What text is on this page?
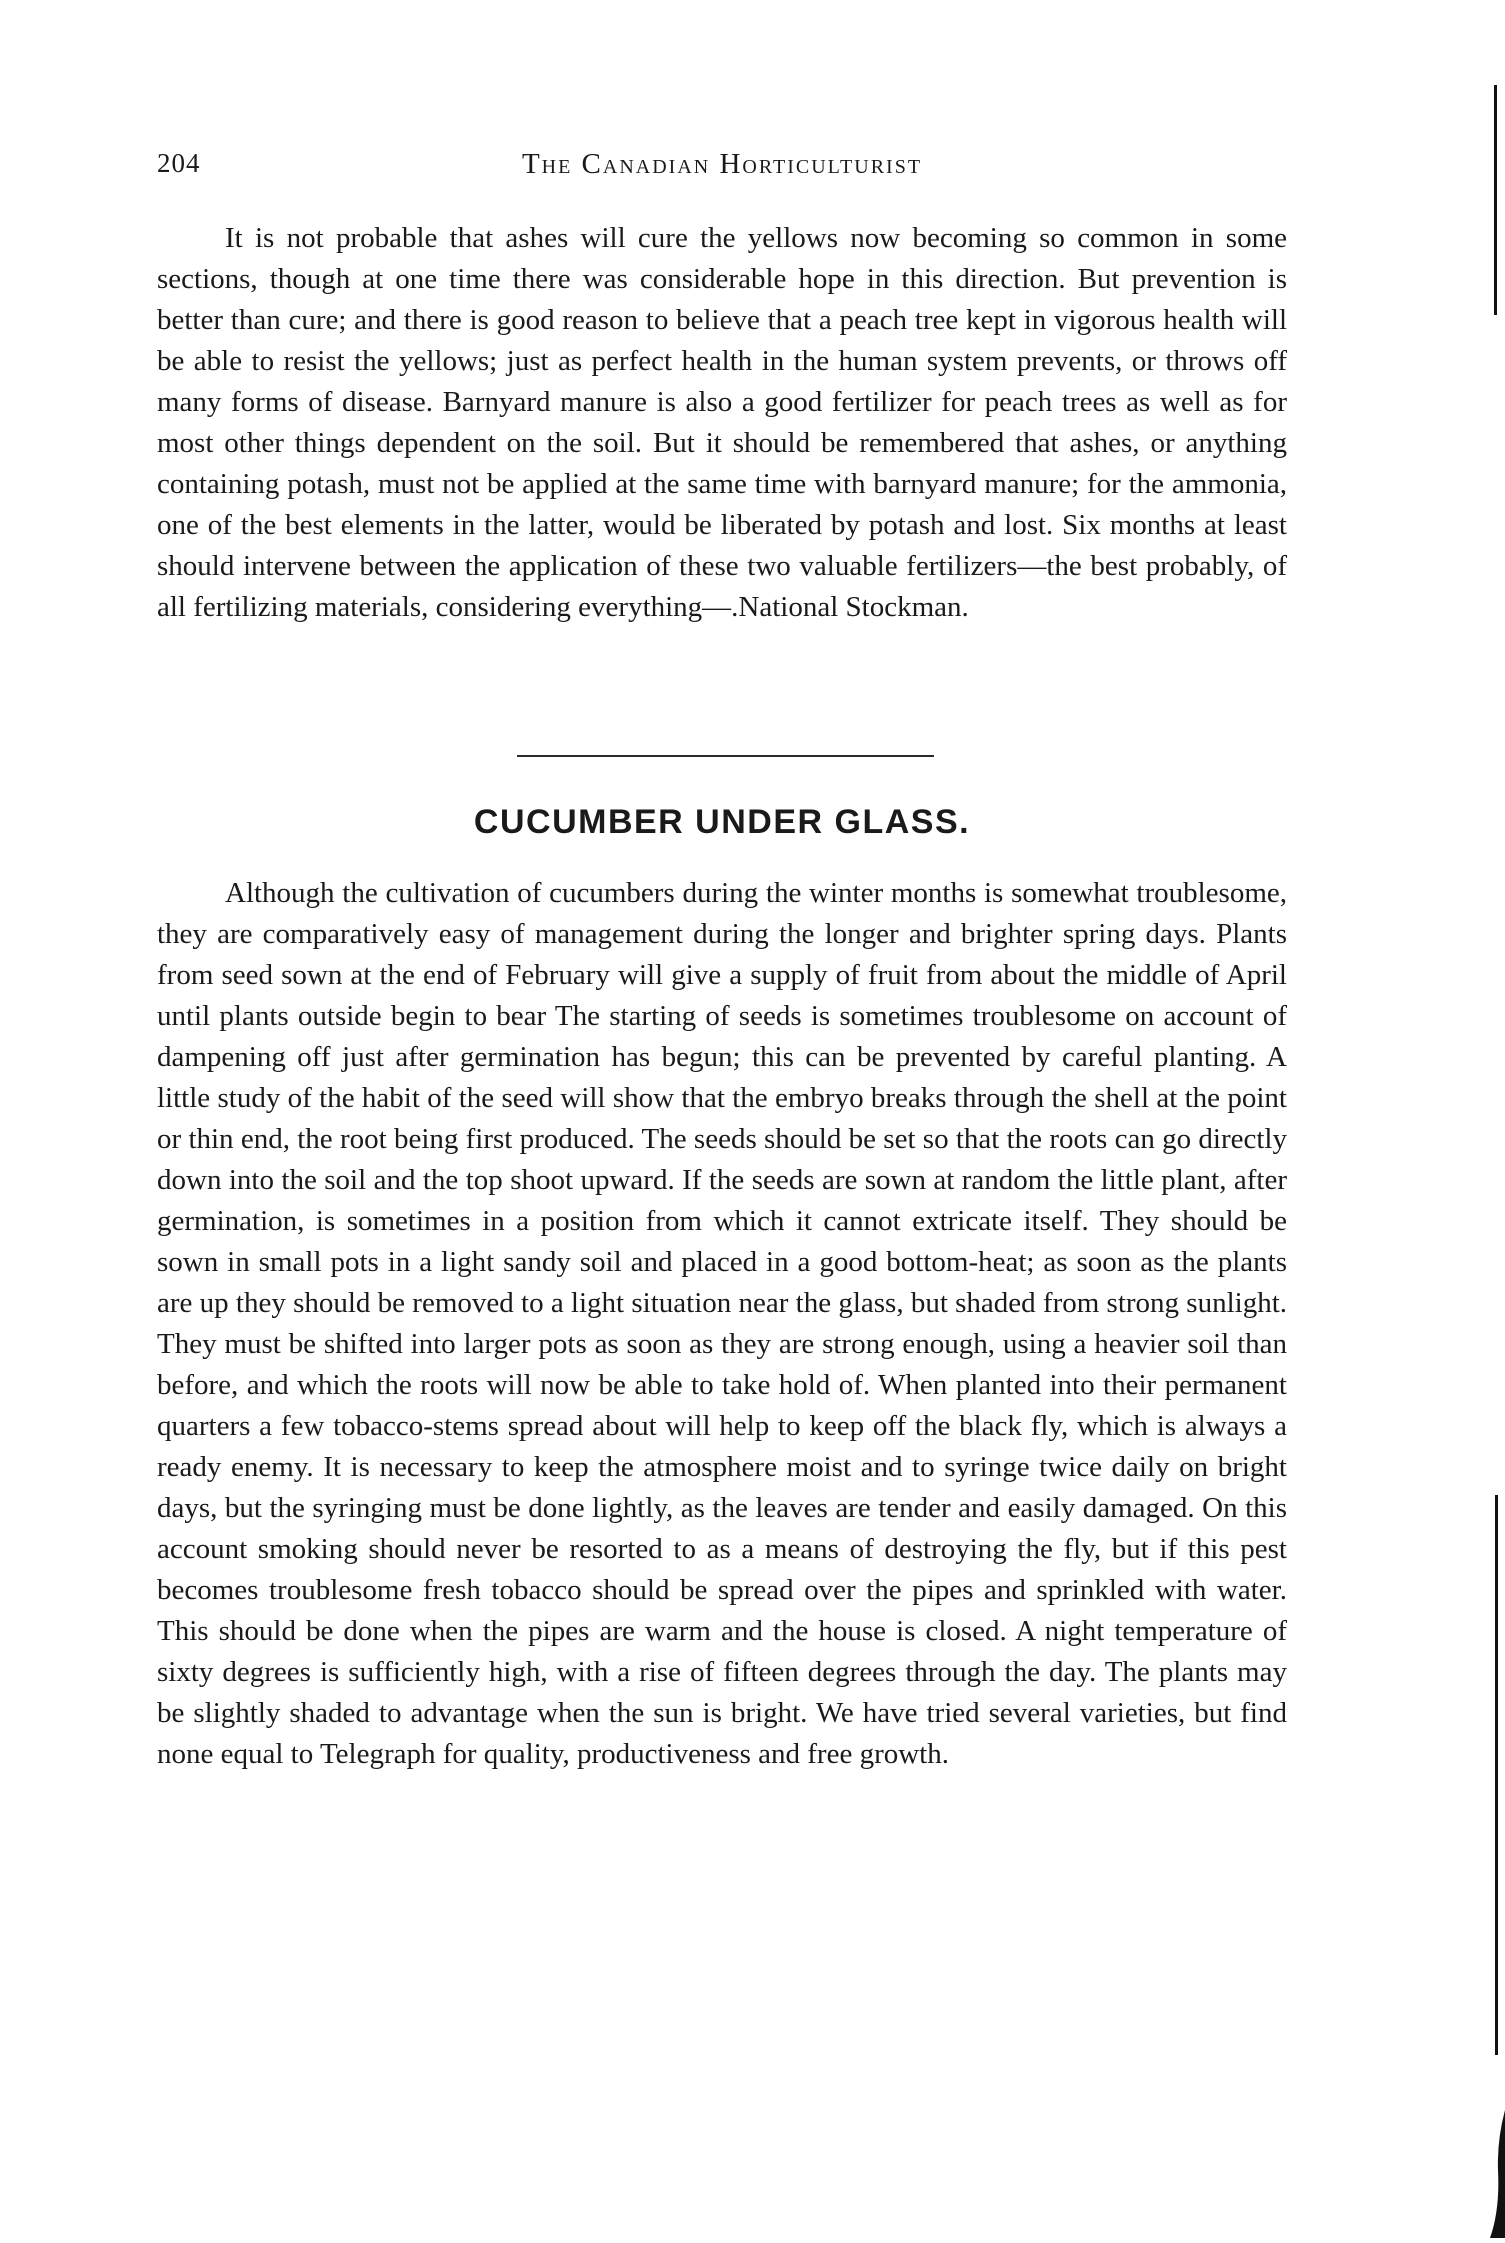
204	The Canadian Horticulturist

It is not probable that ashes will cure the yellows now becoming so common in some sections, though at one time there was considerable hope in this direction. But prevention is better than cure; and there is good reason to believe that a peach tree kept in vigorous health will be able to resist the yellows; just as perfect health in the human system prevents, or throws off many forms of disease. Barnyard manure is also a good fertilizer for peach trees as well as for most other things dependent on the soil. But it should be remembered that ashes, or anything containing potash, must not be applied at the same time with barnyard manure; for the ammonia, one of the best elements in the latter, would be liberated by potash and lost. Six months at least should intervene between the application of these two valuable fertilizers—the best probably, of all fertilizing materials, considering everything—.National Stockman.

CUCUMBER UNDER GLASS.

Although the cultivation of cucumbers during the winter months is somewhat troublesome, they are comparatively easy of management during the longer and brighter spring days. Plants from seed sown at the end of February will give a supply of fruit from about the middle of April until plants outside begin to bear The starting of seeds is sometimes troublesome on account of dampening off just after germination has begun; this can be prevented by careful planting. A little study of the habit of the seed will show that the embryo breaks through the shell at the point or thin end, the root being first produced. The seeds should be set so that the roots can go directly down into the soil and the top shoot upward. If the seeds are sown at random the little plant, after germination, is sometimes in a position from which it cannot extricate itself. They should be sown in small pots in a light sandy soil and placed in a good bottom-heat; as soon as the plants are up they should be removed to a light situation near the glass, but shaded from strong sunlight. They must be shifted into larger pots as soon as they are strong enough, using a heavier soil than before, and which the roots will now be able to take hold of. When planted into their permanent quarters a few tobacco-stems spread about will help to keep off the black fly, which is always a ready enemy. It is necessary to keep the atmosphere moist and to syringe twice daily on bright days, but the syringing must be done lightly, as the leaves are tender and easily damaged. On this account smoking should never be resorted to as a means of destroying the fly, but if this pest becomes troublesome fresh tobacco should be spread over the pipes and sprinkled with water. This should be done when the pipes are warm and the house is closed. A night temperature of sixty degrees is sufficiently high, with a rise of fifteen degrees through the day. The plants may be slightly shaded to advantage when the sun is bright. We have tried several varieties, but find none equal to Telegraph for quality, productiveness and free growth.
